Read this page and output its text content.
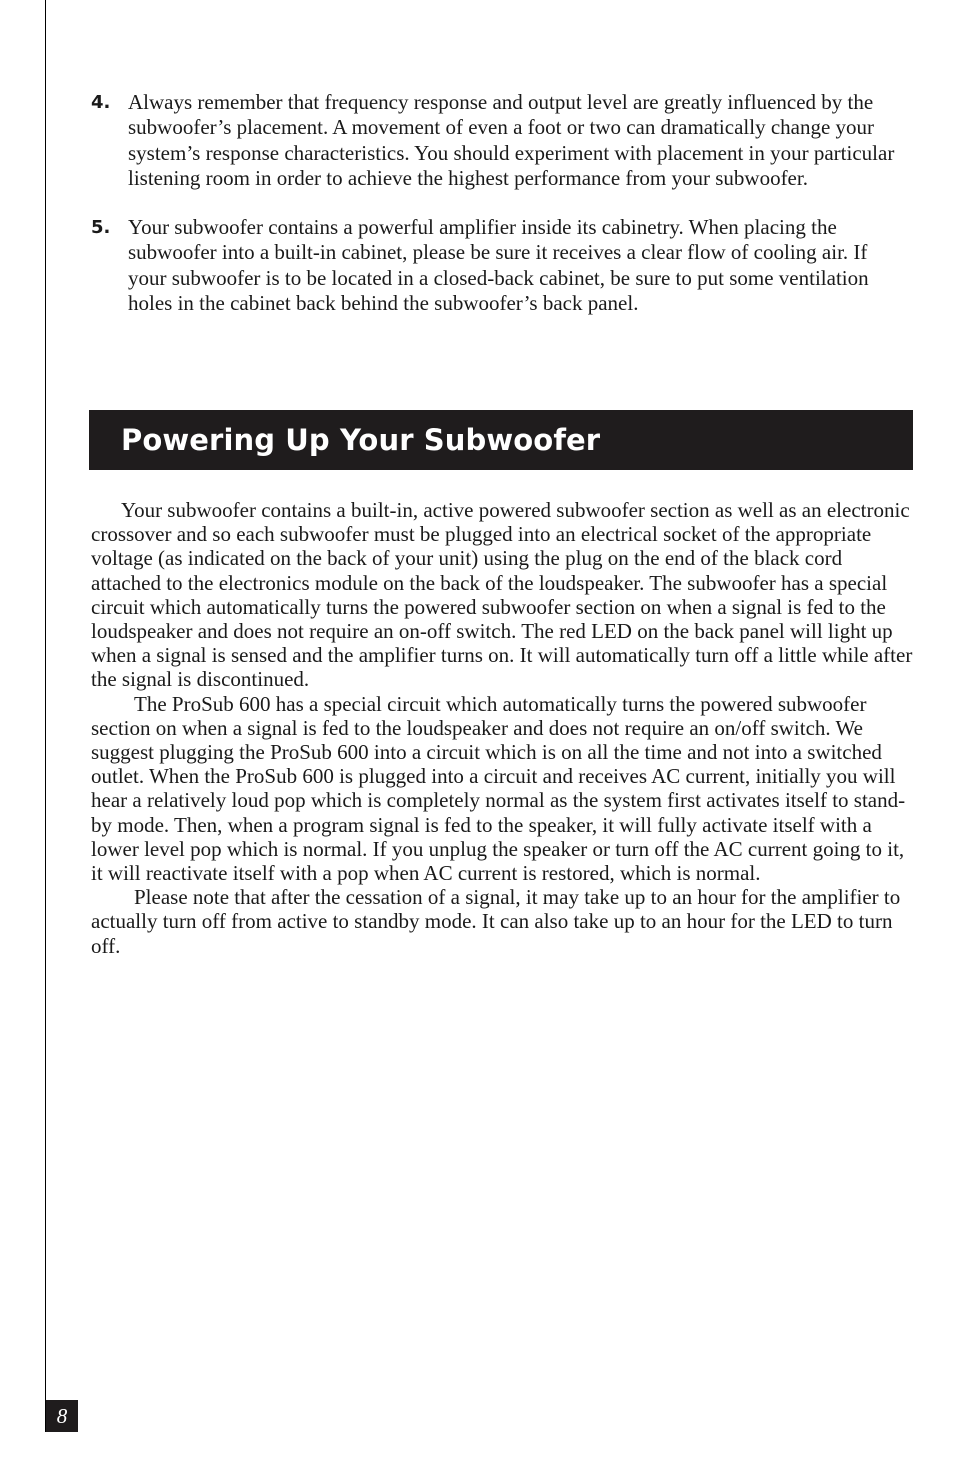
4. Always remember that frequency response and output level are greatly influenced by the subwoofer’s placement. A movement of even a foot or two can dramatically change your system’s response characteristics. You should experiment with placement in your particular listening room in order to achieve the highest performance from your subwoofer.

5. Your subwoofer contains a powerful amplifier inside its cabinetry. When placing the subwoofer into a built-in cabinet, please be sure it receives a clear flow of cooling air. If your subwoofer is to be located in a closed-back cabinet, be sure to put some ventilation holes in the cabinet back behind the subwoofer’s back panel.

Powering Up Your Subwoofer

Your subwoofer contains a built-in, active powered subwoofer section as well as an electronic crossover and so each subwoofer must be plugged into an electrical socket of the appropriate voltage (as indicated on the back of your unit) using the plug on the end of the black cord attached to the electronics module on the back of the loudspeaker. The subwoofer has a special circuit which automatically turns the powered subwoofer section on when a signal is fed to the loudspeaker and does not require an on-off switch. The red LED on the back panel will light up when a signal is sensed and the amplifier turns on. It will automatically turn off a little while after the signal is discontinued.

The ProSub 600 has a special circuit which automatically turns the powered subwoofer section on when a signal is fed to the loudspeaker and does not require an on/off switch. We suggest plugging the ProSub 600 into a circuit which is on all the time and not into a switched outlet. When the ProSub 600 is plugged into a circuit and receives AC current, initially you will hear a relatively loud pop which is completely normal as the system first activates itself to stand-by mode. Then, when a program signal is fed to the speaker, it will fully activate itself with a lower level pop which is normal. If you unplug the speaker or turn off the AC current going to it, it will reactivate itself with a pop when AC current is restored, which is normal.

Please note that after the cessation of a signal, it may take up to an hour for the amplifier to actually turn off from active to standby mode. It can also take up to an hour for the LED to turn off.

8
